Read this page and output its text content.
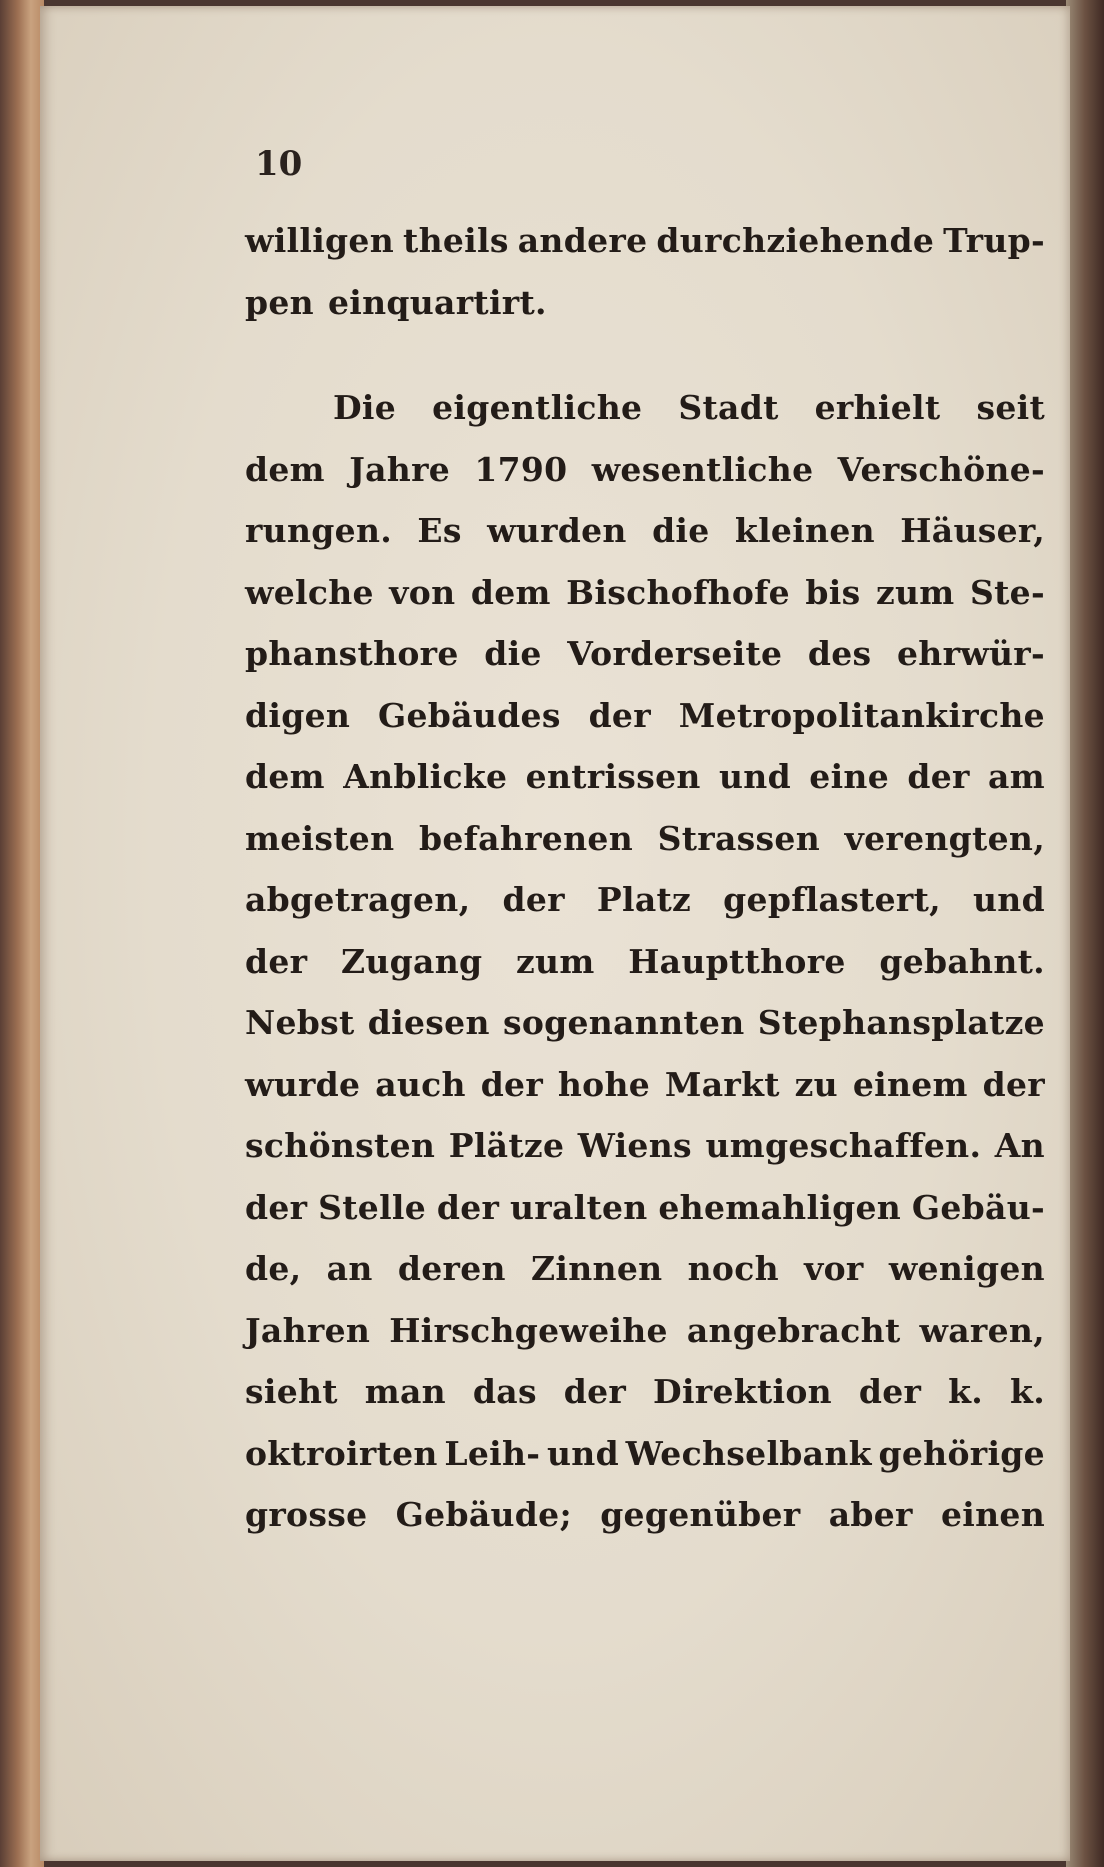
10
willigen theils andere durchziehende Trup-
pen einquartirt.
Die eigentliche Stadt erhielt seit
dem Jahre 1790 wesentliche Verschöne-
rungen. Es wurden die kleinen Häuser,
welche von dem Bischofhofe bis zum Ste-
phansthore die Vorderseite des ehrwür-
digen Gebäudes der Metropolitankirche
dem Anblicke entrissen und eine der am
meisten befahrenen Strassen verengten,
abgetragen, der Platz gepflastert, und
der Zugang zum Hauptthore gebahnt.
Nebst diesen sogenannten Stephansplatze
wurde auch der hohe Markt zu einem der
schönsten Plätze Wiens umgeschaffen. An
der Stelle der uralten ehemahligen Gebäu-
de, an deren Zinnen noch vor wenigen
Jahren Hirschgeweihe angebracht waren,
sieht man das der Direktion der k. k.
oktroirten Leih- und Wechselbank gehörige
grosse Gebäude; gegenüber aber einen
